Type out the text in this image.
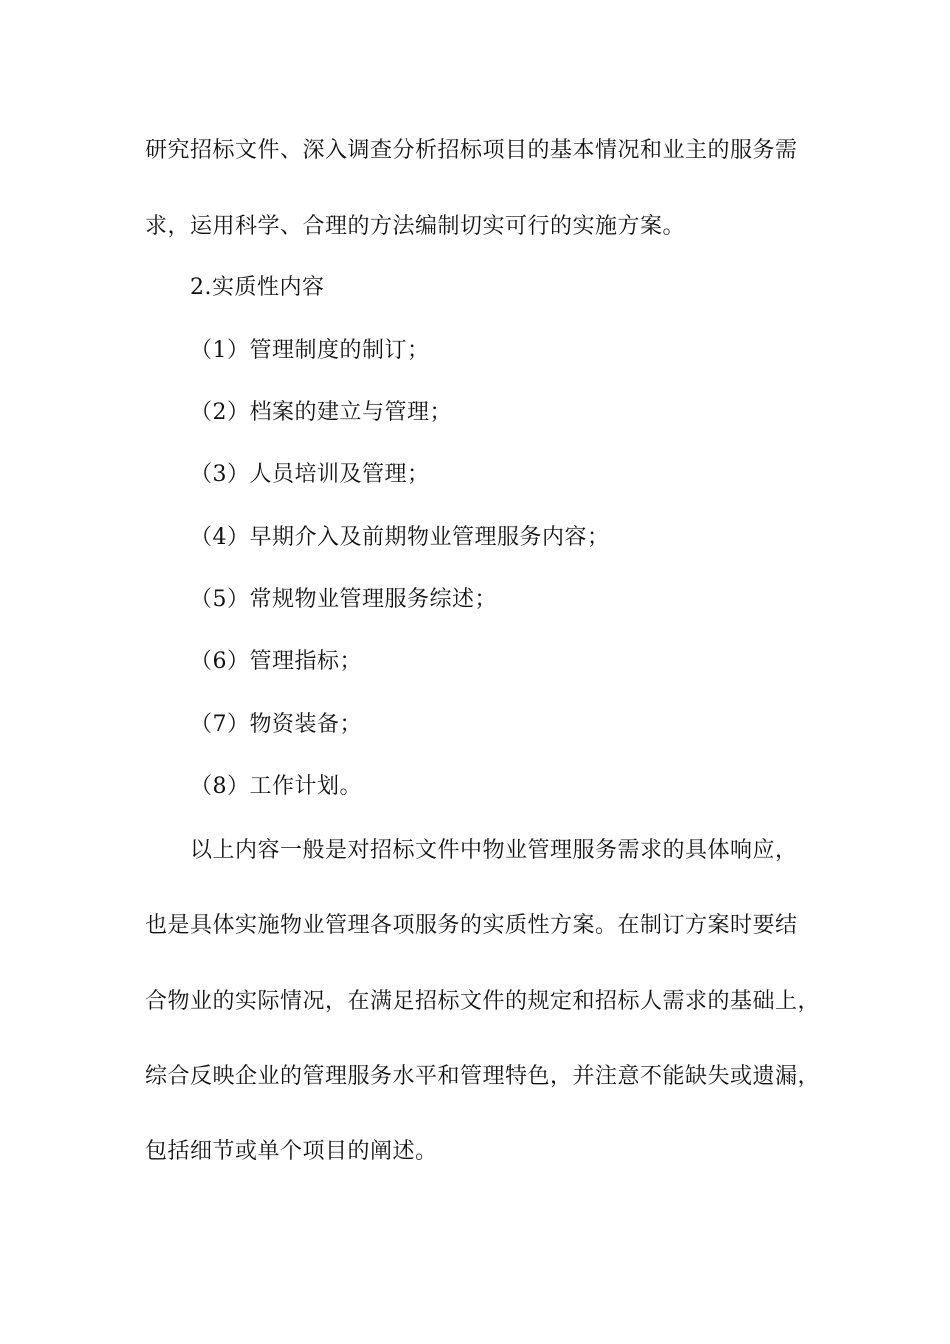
研究招标文件、深入调查分析招标项目的基本情况和业主的服务需
求，运用科学、合理的方法编制切实可行的实施方案。
2.实质性内容
（1）管理制度的制订；
（2）档案的建立与管理；
（3）人员培训及管理；
（4）早期介入及前期物业管理服务内容；
（5）常规物业管理服务综述；
（6）管理指标；
（7）物资装备；
（8）工作计划。
以上内容一般是对招标文件中物业管理服务需求的具体响应，
也是具体实施物业管理各项服务的实质性方案。在制订方案时要结
合物业的实际情况，在满足招标文件的规定和招标人需求的基础上，
综合反映企业的管理服务水平和管理特色，并注意不能缺失或遗漏，
包括细节或单个项目的阐述。
